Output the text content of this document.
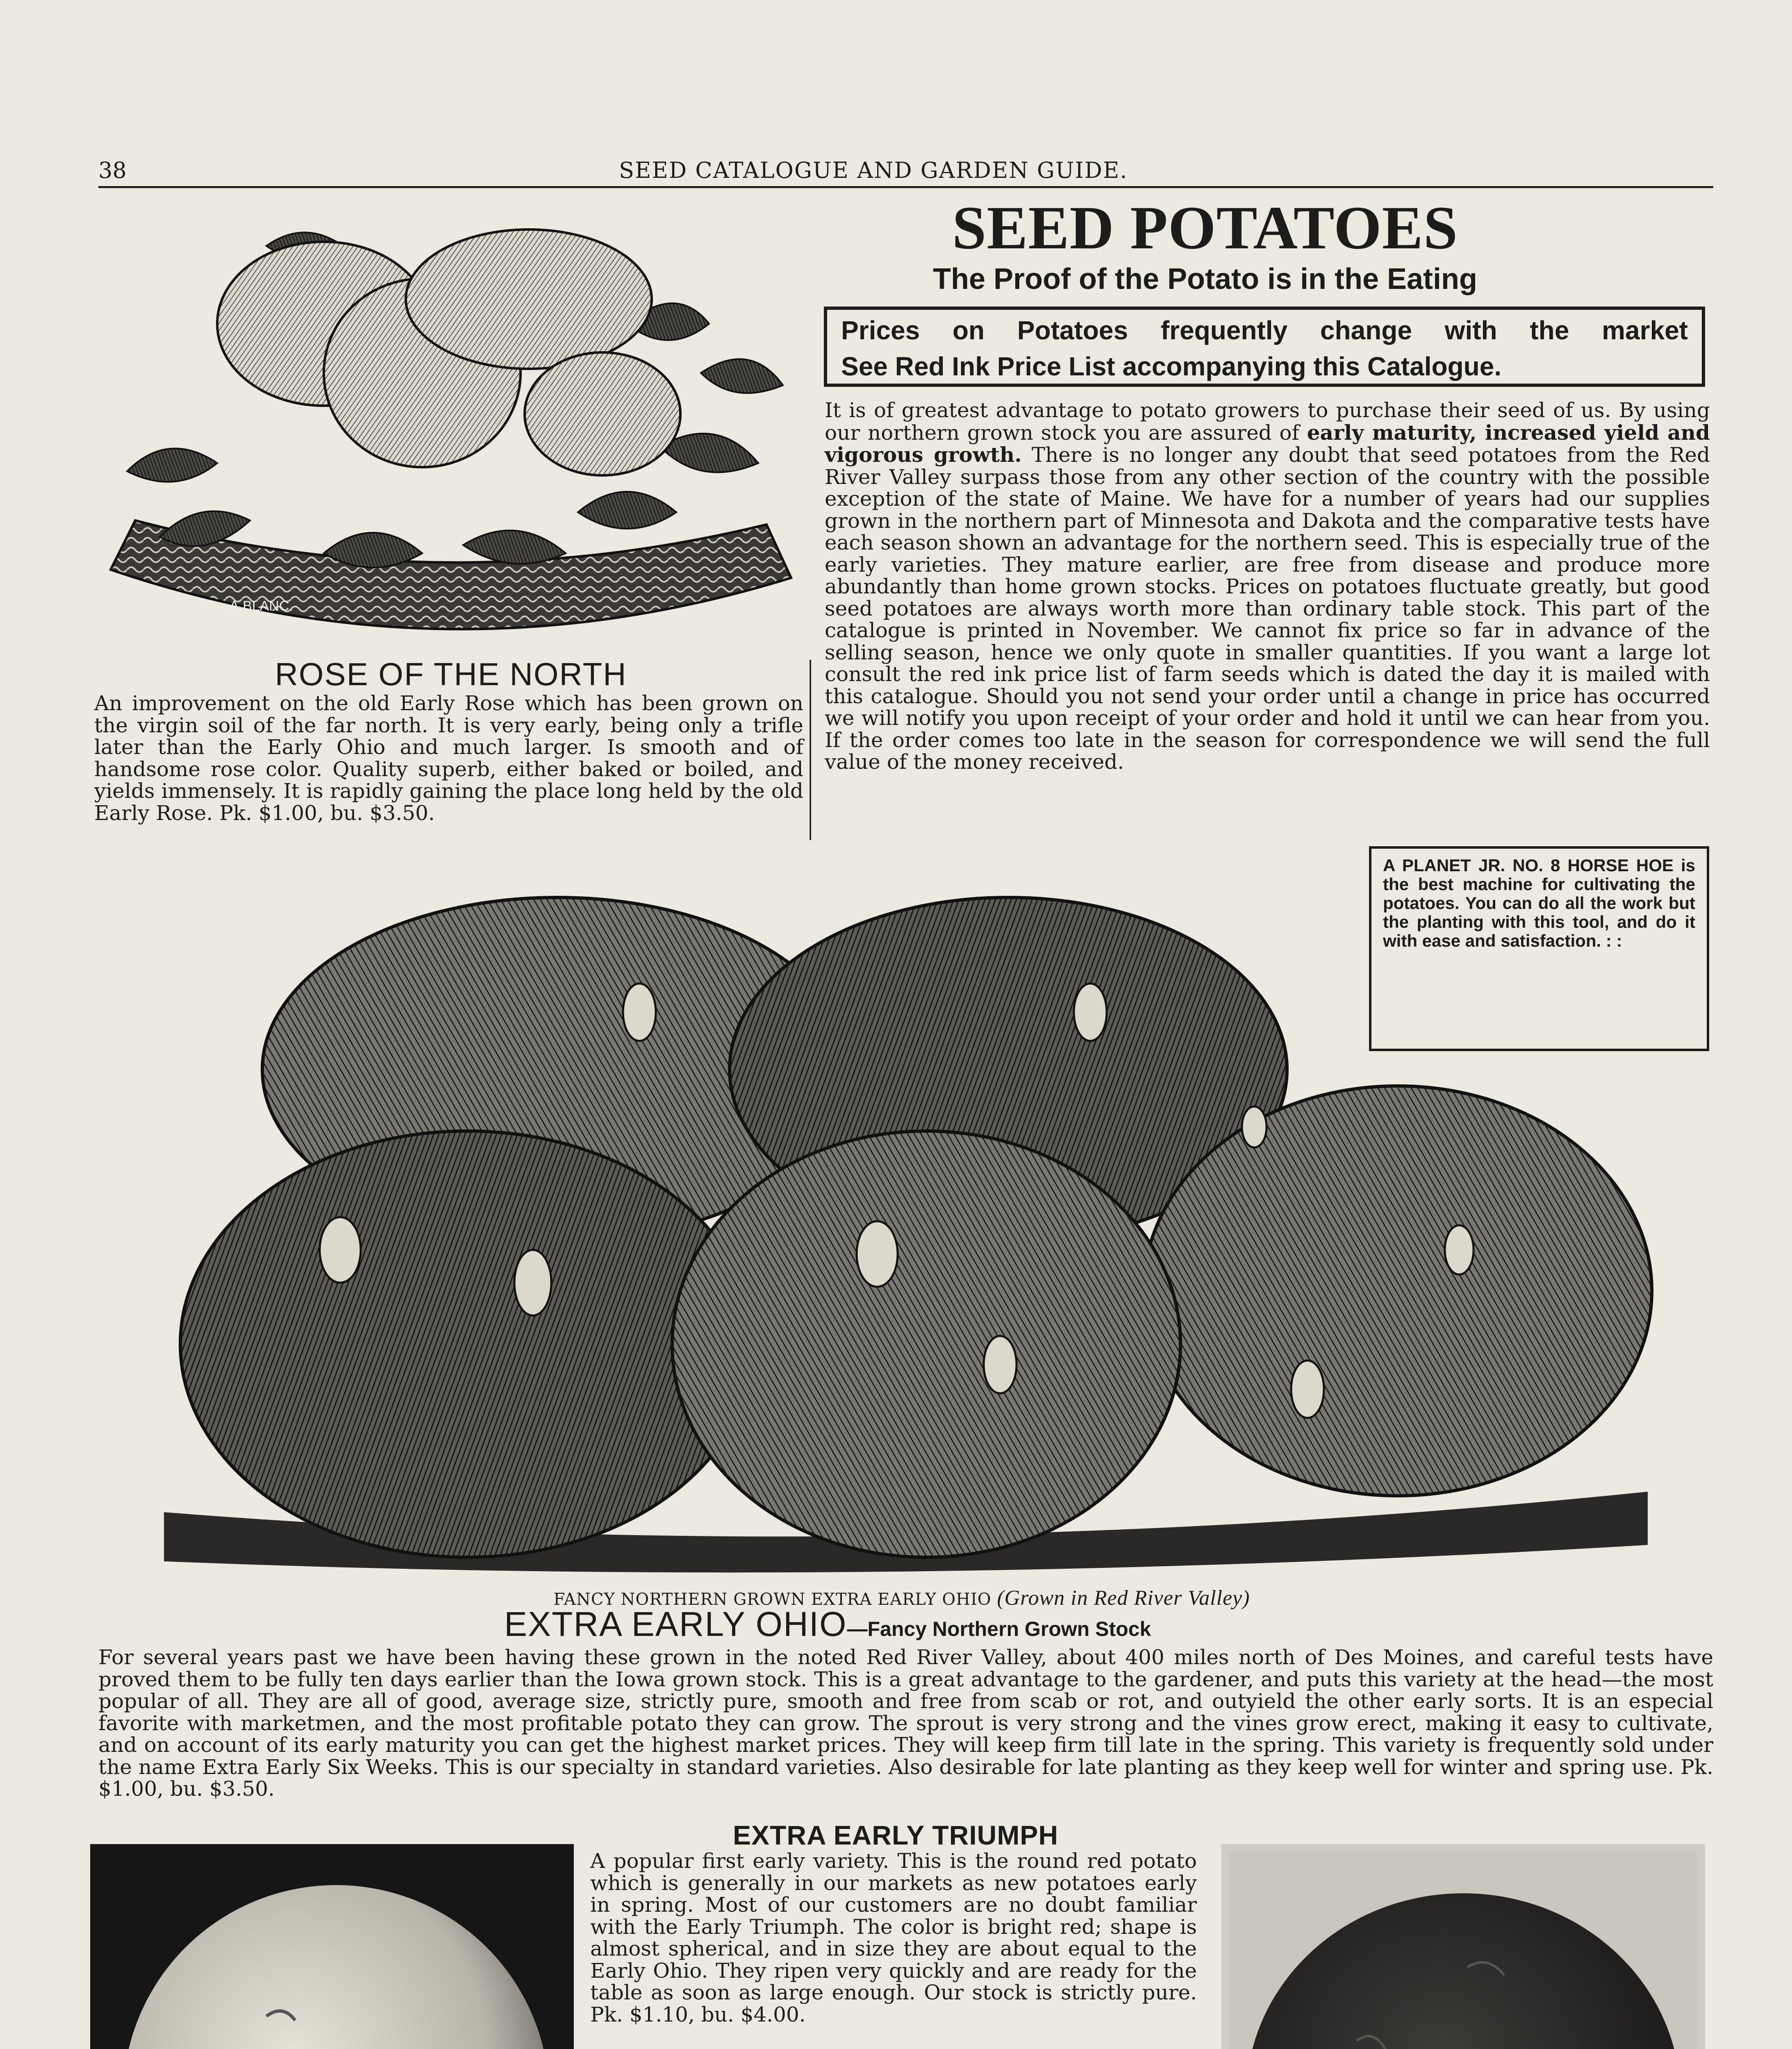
38	SEED CATALOGUE AND GARDEN GUIDE.
A.BLANC.
SEED POTATOES
The Proof of the Potato is in the Eating
Prices on Potatoes frequently change with the market
See Red Ink Price List accompanying this Catalogue.
It is of greatest advantage to potato growers to purchase their seed of us. By using our northern grown stock you are assured of early maturity, increased yield and vigorous growth. There is no longer any doubt that seed potatoes from the Red River Valley surpass those from any other section of the country with the possible exception of the state of Maine. We have for a number of years had our supplies grown in the northern part of Minnesota and Dakota and the comparative tests have each season shown an advantage for the northern seed. This is especially true of the early varieties. They mature earlier, are free from disease and produce more abundantly than home grown stocks. Prices on potatoes fluctuate greatly, but good seed potatoes are always worth more than ordinary table stock. This part of the catalogue is printed in November. We cannot fix price so far in advance of the selling season, hence we only quote in smaller quantities. If you want a large lot consult the red ink price list of farm seeds which is dated the day it is mailed with this catalogue. Should you not send your order until a change in price has occurred we will notify you upon receipt of your order and hold it until we can hear from you. If the order comes too late in the season for correspondence we will send the full value of the money received.
ROSE OF THE NORTH
An improvement on the old Early Rose which has been grown on the virgin soil of the far north. It is very early, being only a trifle later than the Early Ohio and much larger. Is smooth and of handsome rose color. Quality superb, either baked or boiled, and yields immensely. It is rapidly gaining the place long held by the old Early Rose. Pk. $1.00, bu. $3.50.
A PLANET JR. NO. 8 HORSE HOE is the best machine for cultivating the potatoes. You can do all the work but the planting with this tool, and do it with ease and satisfaction. : :
FANCY NORTHERN GROWN EXTRA EARLY OHIO (Grown in Red River Valley)
EXTRA EARLY OHIO—Fancy Northern Grown Stock
For several years past we have been having these grown in the noted Red River Valley, about 400 miles north of Des Moines, and careful tests have proved them to be fully ten days earlier than the Iowa grown stock. This is a great advantage to the gardener, and puts this variety at the head—the most popular of all. They are all of good, average size, strictly pure, smooth and free from scab or rot, and outyield the other early sorts. It is an especial favorite with marketmen, and the most profitable potato they can grow. The sprout is very strong and the vines grow erect, making it easy to cultivate, and on account of its early maturity you can get the highest market prices. They will keep firm till late in the spring. This variety is frequently sold under the name Extra Early Six Weeks. This is our specialty in standard varieties. Also desirable for late planting as they keep well for winter and spring use. Pk. $1.00, bu. $3.50.
EXTRA EARLY TRIUMPH
A popular first early variety. This is the round red potato which is generally in our markets as new potatoes early in spring. Most of our customers are no doubt familiar with the Early Triumph. The color is bright red; shape is almost spherical, and in size they are about equal to the Early Ohio. They ripen very quickly and are ready for the table as soon as large enough. Our stock is strictly pure. Pk. $1.10, bu. $4.00.
